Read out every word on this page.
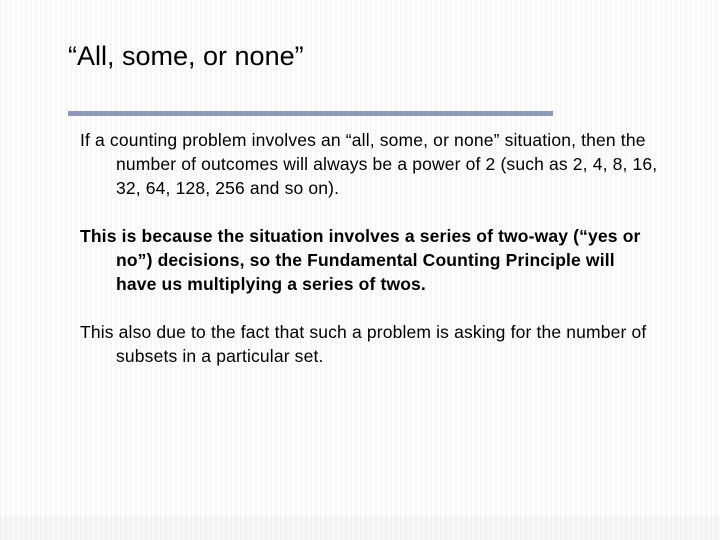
“All, some, or none”

If a counting problem involves an “all, some, or none” situation, then the number of outcomes will always be a power of 2 (such as 2, 4, 8, 16, 32, 64, 128, 256 and so on).

This is because the situation involves a series of two-way (“yes or no”) decisions, so the Fundamental Counting Principle will have us multiplying a series of twos.

This also due to the fact that such a problem is asking for the number of subsets in a particular set.
